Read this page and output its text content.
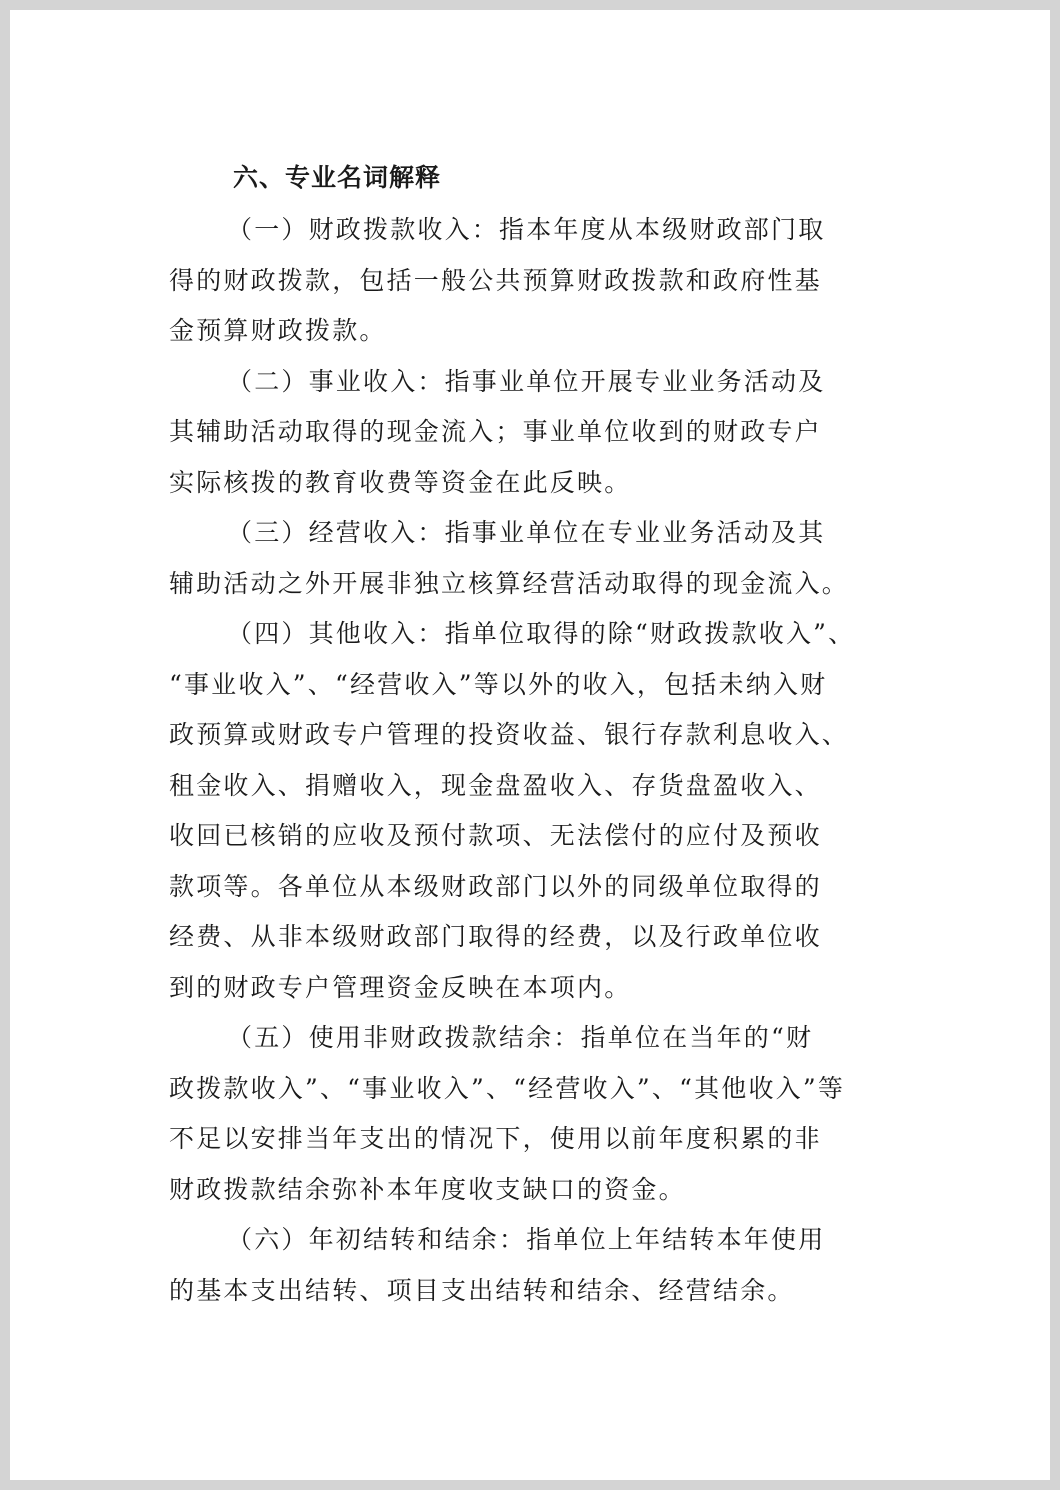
六、专业名词解释
（一）财政拨款收入：指本年度从本级财政部门取
得的财政拨款，包括一般公共预算财政拨款和政府性基
金预算财政拨款。
（二）事业收入：指事业单位开展专业业务活动及
其辅助活动取得的现金流入；事业单位收到的财政专户
实际核拨的教育收费等资金在此反映。
（三）经营收入：指事业单位在专业业务活动及其
辅助活动之外开展非独立核算经营活动取得的现金流入。
（四）其他收入：指单位取得的除“财政拨款收入”、
“事业收入”、“经营收入”等以外的收入，包括未纳入财
政预算或财政专户管理的投资收益、银行存款利息收入、
租金收入、捐赠收入，现金盘盈收入、存货盘盈收入、
收回已核销的应收及预付款项、无法偿付的应付及预收
款项等。各单位从本级财政部门以外的同级单位取得的
经费、从非本级财政部门取得的经费，以及行政单位收
到的财政专户管理资金反映在本项内。
（五）使用非财政拨款结余：指单位在当年的“财
政拨款收入”、“事业收入”、“经营收入”、“其他收入”等
不足以安排当年支出的情况下，使用以前年度积累的非
财政拨款结余弥补本年度收支缺口的资金。
（六）年初结转和结余：指单位上年结转本年使用
的基本支出结转、项目支出结转和结余、经营结余。
